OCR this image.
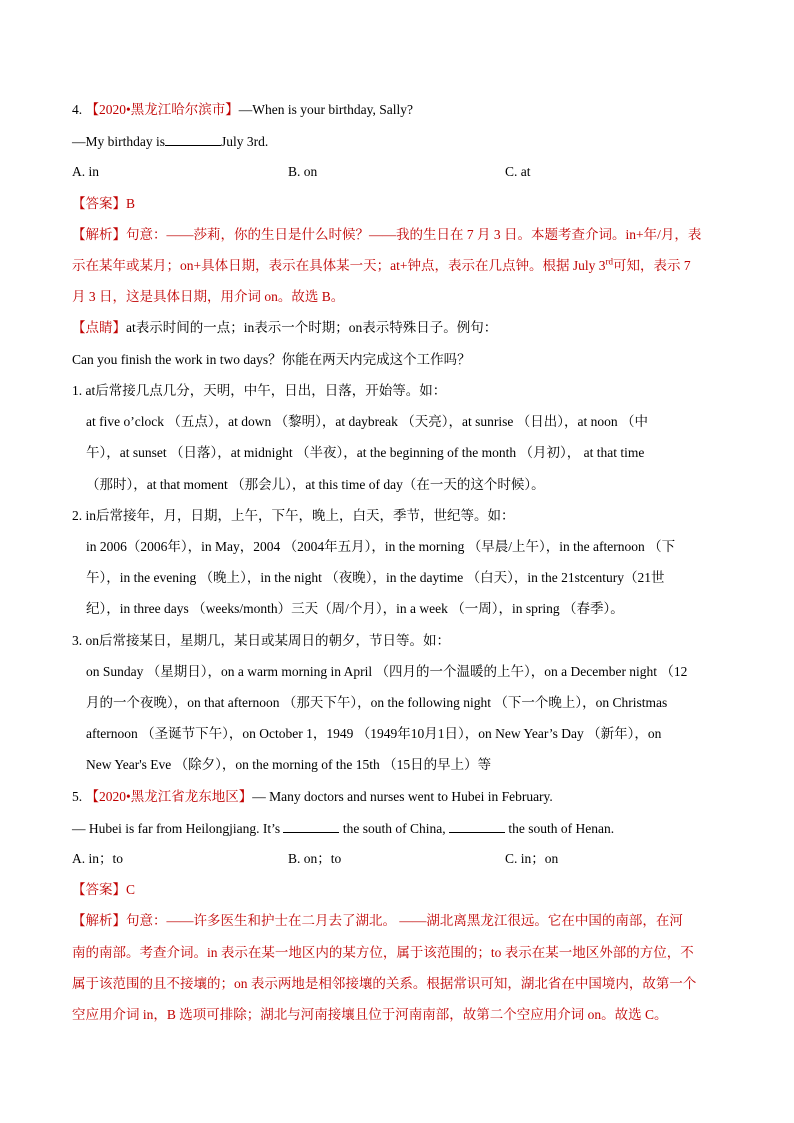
4. 【2020•黑龙江哈尔滨市】—When is your birthday, Sally?
—My birthday is	July 3rd.
A. in	B. on	C. at
【答案】B
【解析】句意：——莎莉，你的生日是什么时候？——我的生日在 7 月 3 日。本题考查介词。in+年/月，表
示在某年或某月；on+具体日期，表示在具体某一天；at+钟点，表示在几点钟。根据 July 3rd可知，表示 7
月 3 日，这是具体日期，用介词 on。故选 B。
【点睛】at表示时间的一点；in表示一个时期；on表示特殊日子。例句：
Can you finish the work in two days？你能在两天内完成这个工作吗？
1. at后常接几点几分，天明，中午，日出，日落，开始等。如：
at five o’clock （五点），at down （黎明），at daybreak （天亮），at sunrise （日出），at noon （中
午），at sunset （日落），at midnight （半夜），at the beginning of the month （月初）， at that time
（那时），at that moment （那会儿），at this time of day（在一天的这个时候）。
2. in后常接年，月，日期，上午，下午，晚上，白天，季节，世纪等。如：
in 2006（2006年），in May，2004 （2004年五月），in the morning （早晨/上午），in the afternoon （下
午），in the evening （晚上），in the night （夜晚），in the daytime （白天），in the 21stcentury（21世
纪），in three days （weeks/month）三天（周/个月），in a week （一周），in spring （春季）。
3. on后常接某日，星期几，某日或某周日的朝夕，节日等。如：
on Sunday （星期日），on a warm morning in April （四月的一个温暖的上午），on a December night （12
月的一个夜晚），on that afternoon （那天下午），on the following night （下一个晚上），on Christmas
afternoon （圣诞节下午），on October 1，1949 （1949年10月1日），on New Year’s Day （新年），on
New Year's Eve （除夕），on the morning of the 15th （15日的早上）等
5. 【2020•黑龙江省龙东地区】— Many doctors and nurses went to Hubei in February.
— Hubei is far from Heilongjiang. It’s	the south of China,	the south of Henan.
A. in；to	B. on；to	C. in；on
【答案】C
【解析】句意：——许多医生和护士在二月去了湖北。 ——湖北离黑龙江很远。它在中国的南部，在河
南的南部。考查介词。in 表示在某一地区内的某方位，属于该范围的；to 表示在某一地区外部的方位，不
属于该范围的且不接壤的；on 表示两地是相邻接壤的关系。根据常识可知，湖北省在中国境内，故第一个
空应用介词 in，B 选项可排除；湖北与河南接壤且位于河南南部，故第二个空应用介词 on。故选 C。
